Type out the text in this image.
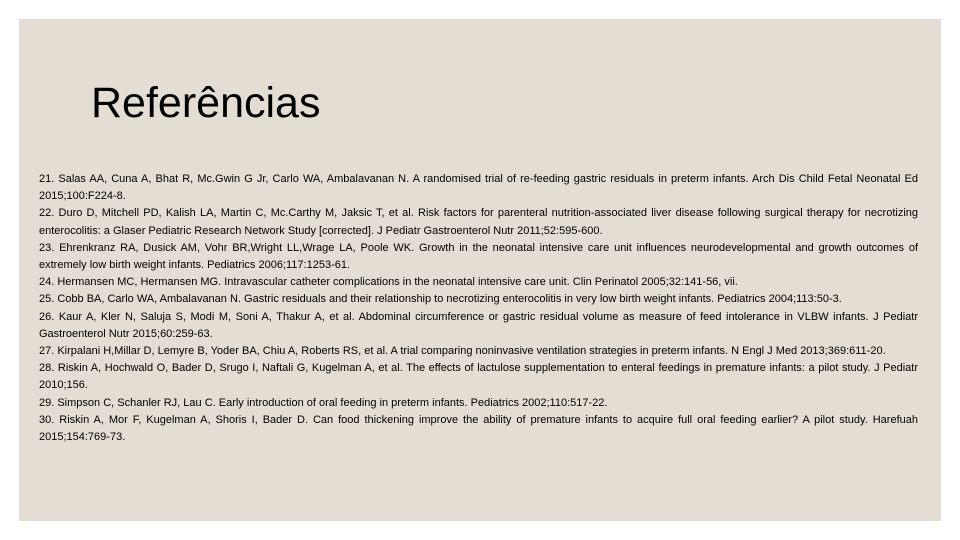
Referências
21. Salas AA, Cuna A, Bhat R, Mc.Gwin G Jr, Carlo WA, Ambalavanan N. A randomised trial of re-feeding gastric residuals in preterm infants. Arch Dis Child Fetal Neonatal Ed 2015;100:F224-8.
22. Duro D, Mitchell PD, Kalish LA, Martin C, Mc.Carthy M, Jaksic T, et al. Risk factors for parenteral nutrition-associated liver disease following surgical therapy for necrotizing enterocolitis: a Glaser Pediatric Research Network Study [corrected]. J Pediatr Gastroenterol Nutr 2011;52:595-600.
23. Ehrenkranz RA, Dusick AM, Vohr BR,Wright LL,Wrage LA, Poole WK. Growth in the neonatal intensive care unit influences neurodevelopmental and growth outcomes of extremely low birth weight infants. Pediatrics 2006;117:1253-61.
24. Hermansen MC, Hermansen MG. Intravascular catheter complications in the neonatal intensive care unit. Clin Perinatol 2005;32:141-56, vii.
25. Cobb BA, Carlo WA, Ambalavanan N. Gastric residuals and their relationship to necrotizing enterocolitis in very low birth weight infants. Pediatrics 2004;113:50-3.
26. Kaur A, Kler N, Saluja S, Modi M, Soni A, Thakur A, et al. Abdominal circumference or gastric residual volume as measure of feed intolerance in VLBW infants. J Pediatr Gastroenterol Nutr 2015;60:259-63.
27. Kirpalani H,Millar D, Lemyre B, Yoder BA, Chiu A, Roberts RS, et al. A trial comparing noninvasive ventilation strategies in preterm infants. N Engl J Med 2013;369:611-20.
28. Riskin A, Hochwald O, Bader D, Srugo I, Naftali G, Kugelman A, et al. The effects of lactulose supplementation to enteral feedings in premature infants: a pilot study. J Pediatr 2010;156.
29. Simpson C, Schanler RJ, Lau C. Early introduction of oral feeding in preterm infants. Pediatrics 2002;110:517-22.
30. Riskin A, Mor F, Kugelman A, Shoris I, Bader D. Can food thickening improve the ability of premature infants to acquire full oral feeding earlier? A pilot study. Harefuah 2015;154:769-73.
